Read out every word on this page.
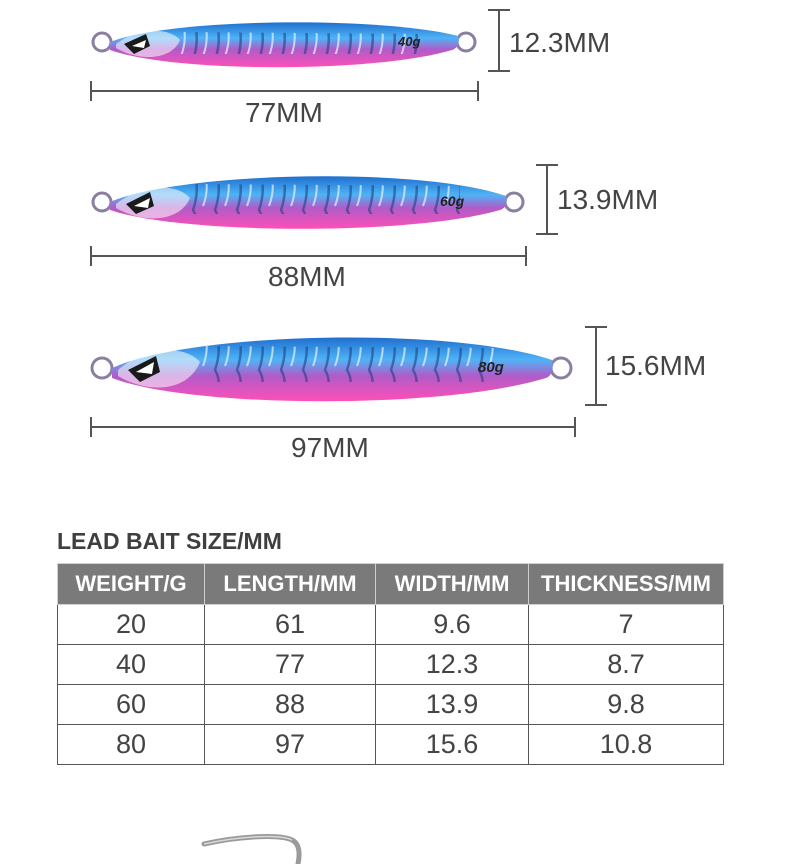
40g	12.3MM
77MM
60g	13.9MM
88MM
80g	15.6MM
97MM
LEAD BAIT SIZE/MM
WEIGHT/G	LENGTH/MM	WIDTH/MM	THICKNESS/MM
20	61	9.6	7
40	77	12.3	8.7
60	88	13.9	9.8
80	97	15.6	10.8
